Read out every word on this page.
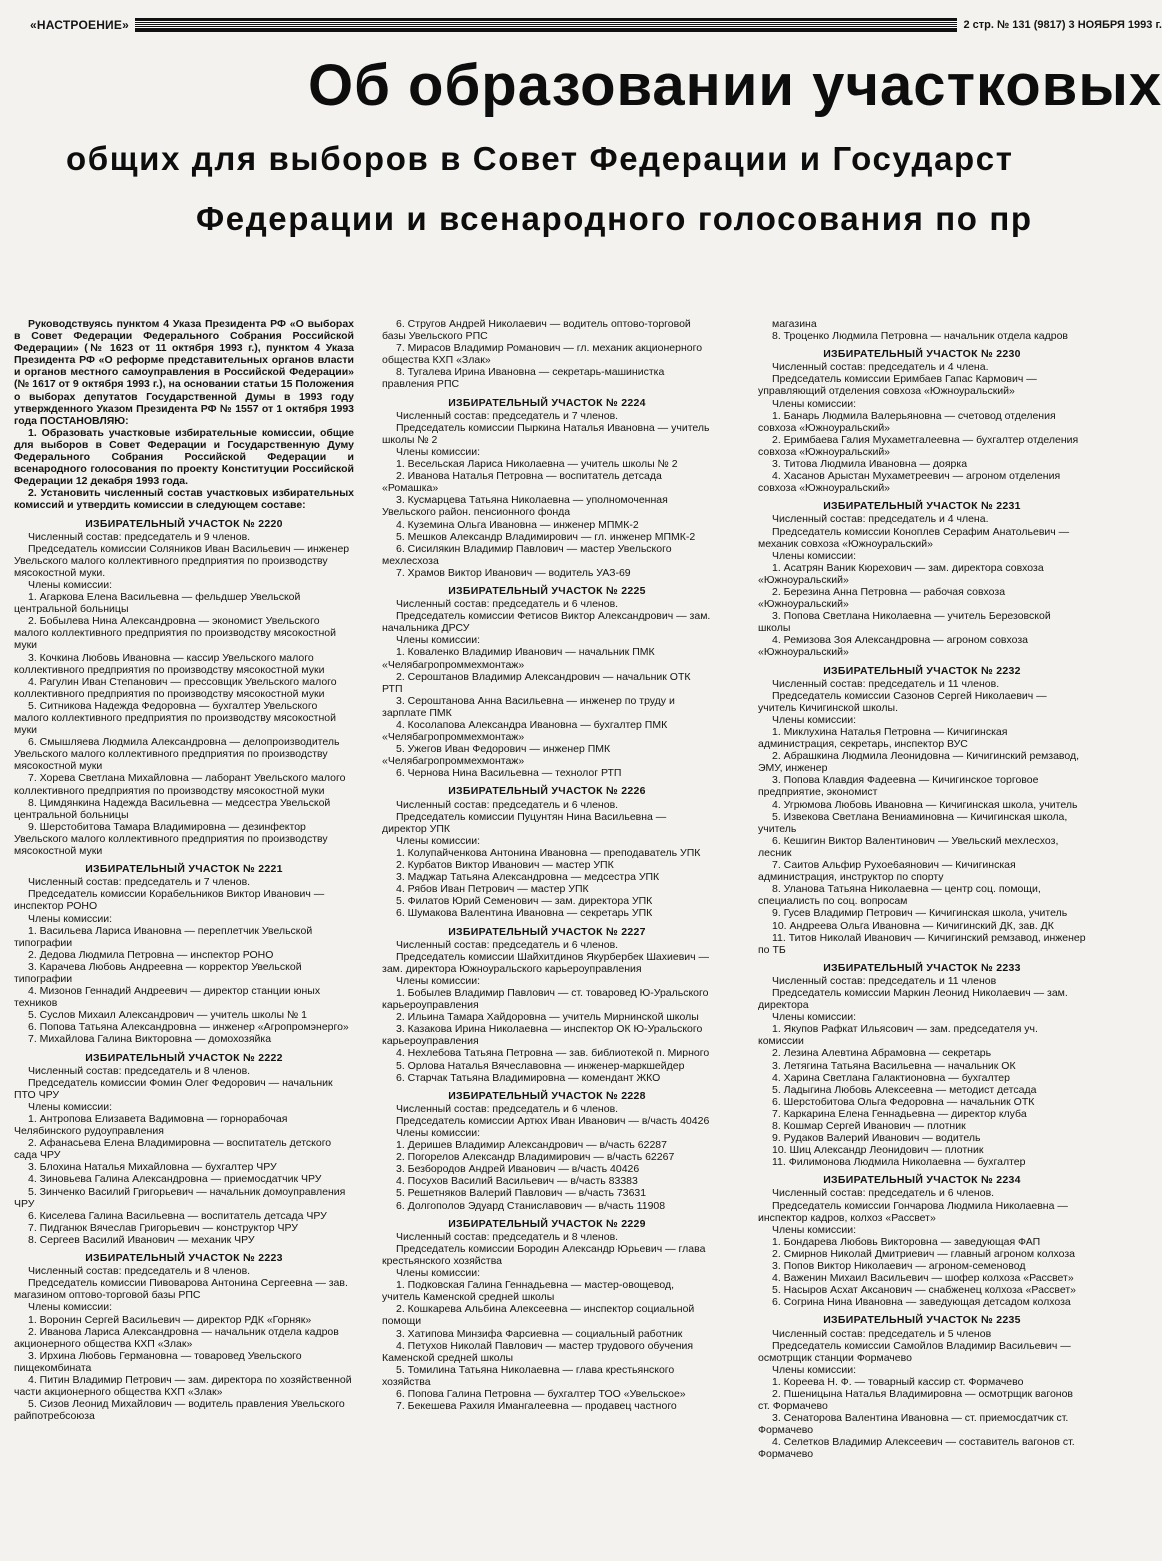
«НАСТРОЕНИЕ»	2 стр. № 131 (9817) 3 НОЯБРЯ 1993 г.
Об образовании участковых
общих для выборов в Совет Федерации и Государст
Федерации и всенародного голосования по пр

Руководствуясь пунктом 4 Указа Президента РФ «О выборах в Совет Федерации Федерального Собрания Российской Федерации» (№ 1623 от 11 октября 1993 г.), пунктом 4 Указа Президента РФ «О реформе представительных органов власти и органов местного самоуправления в Российской Федерации» (№ 1617 от 9 октября 1993 г.), на основании статьи 15 Положения о выборах депутатов Государственной Думы в 1993 году утвержденного Указом Президента РФ № 1557 от 1 октября 1993 года ПОСТАНОВЛЯЮ:

1. Образовать участковые избирательные комиссии, общие для выборов в Совет Федерации и Государственную Думу Федерального Собрания Российской Федерации и всенародного голосования по проекту Конституции Российской Федерации 12 декабря 1993 года.

2. Установить численный состав участковых избирательных комиссий и утвердить комиссии в следующем составе:

ИЗБИРАТЕЛЬНЫЙ УЧАСТОК № 2220

Численный состав: председатель и 9 членов.

Председатель комиссии Соляников Иван Васильевич — инженер Увельского малого коллективного предприятия по производству мясокостной муки.

Члены комиссии:

1. Агаркова Елена Васильевна — фельдшер Увельской центральной больницы

2. Бобылева Нина Александровна — экономист Увельского малого коллективного предприятия по производству мясокостной муки

3. Кочкина Любовь Ивановна — кассир Увельского малого коллективного предприятия по производству мясокостной муки

4. Рагулин Иван Степанович — прессовщик Увельского малого коллективного предприятия по производству мясокостной муки

5. Ситникова Надежда Федоровна — бухгалтер Увельского малого коллективного предприятия по производству мясокостной муки

6. Смышляева Людмила Александровна — делопроизводитель Увельского малого коллективного предприятия по производству мясокостной муки

7. Хорева Светлана Михайловна — лаборант Увельского малого коллективного предприятия по производству мясокостной муки

8. Цимдянкина Надежда Васильевна — медсестра Увельской центральной больницы

9. Шерстобитова Тамара Владимировна — дезинфектор Увельского малого коллективного предприятия по производству мясокостной муки

ИЗБИРАТЕЛЬНЫЙ УЧАСТОК № 2221

Численный состав: председатель и 7 членов.

Председатель комиссии Корабельников Виктор Иванович — инспектор РОНО

Члены комиссии:

1. Васильева Лариса Ивановна — переплетчик Увельской типографии

2. Дедова Людмила Петровна — инспектор РОНО

3. Карачева Любовь Андреевна — корректор Увельской типографии

4. Мизонов Геннадий Андреевич — директор станции юных техников

5. Суслов Михаил Александрович — учитель школы № 1

6. Попова Татьяна Александровна — инженер «Агропромэнерго»

7. Михайлова Галина Викторовна — домохозяйка

ИЗБИРАТЕЛЬНЫЙ УЧАСТОК № 2222

Численный состав: председатель и 8 членов.

Председатель комиссии Фомин Олег Федорович — начальник ПТО ЧРУ

Члены комиссии:

1. Антропова Елизавета Вадимовна — горнорабочая Челябинского рудоуправления

2. Афанасьева Елена Владимировна — воспитатель детского сада ЧРУ

3. Блохина Наталья Михайловна — бухгалтер ЧРУ

4. Зиновьева Галина Александровна — приемосдатчик ЧРУ

5. Зинченко Василий Григорьевич — начальник домоуправления ЧРУ

6. Киселева Галина Васильевна — воспитатель детсада ЧРУ

7. Пидганюк Вячеслав Григорьевич — конструктор ЧРУ

8. Сергеев Василий Иванович — механик ЧРУ

ИЗБИРАТЕЛЬНЫЙ УЧАСТОК № 2223

Численный состав: председатель и 8 членов.

Председатель комиссии Пивоварова Антонина Сергеевна — зав. магазином оптово-торговой базы РПС

Члены комиссии:

1. Воронин Сергей Васильевич — директор РДК «Горняк»

2. Иванова Лариса Александровна — начальник отдела кадров акционерного общества КХП «Злак»

3. Ирхина Любовь Германовна — товаровед Увельского пищекомбината

4. Питин Владимир Петрович — зам. директора по хозяйственной части акционерного общества КХП «Злак»

5. Сизов Леонид Михайлович — водитель правления Увельского райпотребсоюза

6. Стругов Андрей Николаевич — водитель оптово-торговой базы Увельского РПС

7. Мирасов Владимир Романович — гл. механик акционерного общества КХП «Злак»

8. Тугалева Ирина Ивановна — секретарь-машинистка правления РПС

ИЗБИРАТЕЛЬНЫЙ УЧАСТОК № 2224

Численный состав: председатель и 7 членов.

Председатель комиссии Пыркина Наталья Ивановна — учитель школы № 2

Члены комиссии:

1. Весельская Лариса Николаевна — учитель школы № 2

2. Иванова Наталья Петровна — воспитатель детсада «Ромашка»

3. Кусмарцева Татьяна Николаевна — уполномоченная Увельского район. пенсионного фонда

4. Куземина Ольга Ивановна — инженер МПМК-2

5. Мешков Александр Владимирович — гл. инженер МПМК-2

6. Сисилякин Владимир Павлович — мастер Увельского мехлесхоза

7. Храмов Виктор Иванович — водитель УАЗ-69

ИЗБИРАТЕЛЬНЫЙ УЧАСТОК № 2225

Численный состав: председатель и 6 членов.

Председатель комиссии Фетисов Виктор Александрович — зам. начальника ДРСУ

Члены комиссии:

1. Коваленко Владимир Иванович — начальник ПМК «Челябагропроммехмонтаж»

2. Серoштанов Владимир Александрович — начальник ОТК РТП

3. Серoштанова Анна Васильевна — инженер по труду и зарплате ПМК

4. Косолапова Александра Ивановна — бухгалтер ПМК «Челябагропроммехмонтаж»

5. Ужегов Иван Федорович — инженер ПМК «Челябагропроммехмонтаж»

6. Чернова Нина Васильевна — технолог РТП

ИЗБИРАТЕЛЬНЫЙ УЧАСТОК № 2226

Численный состав: председатель и 6 членов.

Председатель комиссии Пуцунтян Нина Васильевна — директор УПК

Члены комиссии:

1. Колупайченкова Антонина Ивановна — преподаватель УПК

2. Курбатов Виктор Иванович — мастер УПК

3. Маджар Татьяна Александровна — медсестра УПК

4. Рябов Иван Петрович — мастер УПК

5. Филатов Юрий Семенович — зам. директора УПК

6. Шумакова Валентина Ивановна — секретарь УПК

ИЗБИРАТЕЛЬНЫЙ УЧАСТОК № 2227

Численный состав: председатель и 6 членов.

Председатель комиссии Шайхитдинов Якурбербек Шахиевич — зам. директора Южноуральского карьероуправления

Члены комиссии:

1. Бобылев Владимир Павлович — ст. товаровед Ю-Уральского карьероуправления

2. Ильина Тамара Хайдоровна — учитель Мирнинской школы

3. Казакова Ирина Николаевна — инспектор ОК Ю-Уральского карьероуправления

4. Нехлебова Татьяна Петровна — зав. библиотекой п. Мирного

5. Орлова Наталья Вячеславовна — инженер-маркшейдер

6. Старчак Татьяна Владимировна — комендант ЖКО

ИЗБИРАТЕЛЬНЫЙ УЧАСТОК № 2228

Численный состав: председатель и 6 членов.

Председатель комиссии Артюх Иван Иванович — в/часть 40426

Члены комиссии:

1. Деришев Владимир Александрович — в/часть 62287

2. Погорелов Александр Владимирович — в/часть 62267

3. Безбородов Андрей Иванович — в/часть 40426

4. Посухов Василий Васильевич — в/часть 83383

5. Решетняков Валерий Павлович — в/часть 73631

6. Долгополов Эдуард Станиславович — в/часть 11908

ИЗБИРАТЕЛЬНЫЙ УЧАСТОК № 2229

Численный состав: председатель и 8 членов.

Председатель комиссии Бородин Александр Юрьевич — глава крестьянского хозяйства

Члены комиссии:

1. Подковская Галина Геннадьевна — мастер-овощевод, учитель Каменской средней школы

2. Кошкарева Альбина Алексеевна — инспектор социальной помощи

3. Хатипова Минзифа Фарсиевна — социальный работник

4. Петухов Николай Павлович — мастер трудового обучения Каменской средней школы

5. Томилина Татьяна Николаевна — глава крестьянского хозяйства

6. Попова Галина Петровна — бухгалтер ТОО «Увельское»

7. Бекешева Рахиля Имангалеевна — продавец частного

магазина

8. Троценко Людмила Петровна — начальник отдела кадров

ИЗБИРАТЕЛЬНЫЙ УЧАСТОК № 2230

Численный состав: председатель и 4 члена.

Председатель комиссии Еримбаев Гапас Кармович — управляющий отделения совхоза «Южноуральский»

Члены комиссии:

1. Банарь Людмила Валерьяновна — счетовод отделения совхоза «Южноуральский»

2. Еримбаева Галия Мухаметгалеевна — бухгалтер отделения совхоза «Южноуральский»

3. Титова Людмила Ивановна — доярка

4. Хасанов Арыстан Мухаметреевич — агроном отделения совхоза «Южноуральский»

ИЗБИРАТЕЛЬНЫЙ УЧАСТОК № 2231

Численный состав: председатель и 4 члена.

Председатель комиссии Коноплев Серафим Анатольевич — механик совхоза «Южноуральский»

Члены комиссии:

1. Асатрян Ваник Кюрехович — зам. директора совхоза «Южноуральский»

2. Березина Анна Петровна — рабочая совхоза «Южноуральский»

3. Попова Светлана Николаевна — учитель Березовской школы

4. Ремизова Зоя Александровна — агроном совхоза «Южноуральский»

ИЗБИРАТЕЛЬНЫЙ УЧАСТОК № 2232

Численный состав: председатель и 11 членов.

Председатель комиссии Сазонов Сергей Николаевич — учитель Кичигинской школы.

Члены комиссии:

1. Миклухина Наталья Петровна — Кичигинская администрация, секретарь, инспектор ВУС

2. Абрашкина Людмила Леонидовна — Кичигинский ремзавод, ЭМУ, инженер

3. Попова Клавдия Фадеевна — Кичигинское торговое предприятие, экономист

4. Угрюмова Любовь Ивановна — Кичигинская школа, учитель

5. Извекова Светлана Вениаминовна — Кичигинская школа, учитель

6. Кешигин Виктор Валентинович — Увельский мехлесхоз, лесник

7. Саитов Альфир Рухое6аянович — Кичигинская администрация, инструктор по спорту

8. Уланова Татьяна Николаевна — центр соц. помощи, специалисть по соц. вопросам

9. Гусев Владимир Петрович — Кичигинская школа, учитель

10. Андреева Ольга Ивановна — Кичигинский ДК, зав. ДК

11. Титов Николай Иванович — Кичигинский ремзавод, инженер по ТБ

ИЗБИРАТЕЛЬНЫЙ УЧАСТОК № 2233

Численный состав: председатель и 11 членов

Председатель комиссии Маркин Леонид Николаевич — зам. директора

Члены комиссии:

1. Якупов Рафкат Ильясович — зам. председателя уч. комиссии

2. Лезина Алевтина Абрамовна — секретарь

3. Летягина Татьяна Васильевна — начальник ОК

4. Харина Светлана Галактионовна — бухгалтер

5. Ладыгина Любовь Алексеевна — методист детсада

6. Шерстобитова Ольга Федоровна — начальник ОТК

7. Каркарина Елена Геннадьевна — директор клуба

8. Кошмар Сергей Иванович — плотник

9. Рудаков Валерий Иванович — водитель

10. Шиц Александр Леонидович — плотник

11. Филимонова Людмила Николаевна — бухгалтер

ИЗБИРАТЕЛЬНЫЙ УЧАСТОК № 2234

Численный состав: председатель и 6 членов.

Председатель комиссии Гончарова Людмила Николаевна — инспектор кадров, колхоз «Рассвет»

Члены комиссии:

1. Бондарева Любовь Викторовна — заведующая ФАП

2. Смирнов Николай Дмитриевич — главный агроном колхоза

3. Попов Виктор Николаевич — агроном-семеновод

4. Важенин Михаил Васильевич — шофер колхоза «Рассвет»

5. Насыров Асхат Аксанович — снабженец колхоза «Рассвет»

6. Согрина Нина Ивановна — заведующая детсадом колхоза

ИЗБИРАТЕЛЬНЫЙ УЧАСТОК № 2235

Численный состав: председатель и 5 членов

Председатель комиссии Самойлов Владимир Васильевич — осмотрщик станции Формачево

Члены комиссии:

1. Кореева Н. Ф. — товарный кассир ст. Формачево

2. Пшеницына Наталья Владимировна — осмотрщик вагонов ст. Формачево

3. Сенаторова Валентина Ивановна — ст. приемосдатчик ст. Формачево

4. Селетков Владимир Алексеевич — составитель вагонов ст. Формачево
